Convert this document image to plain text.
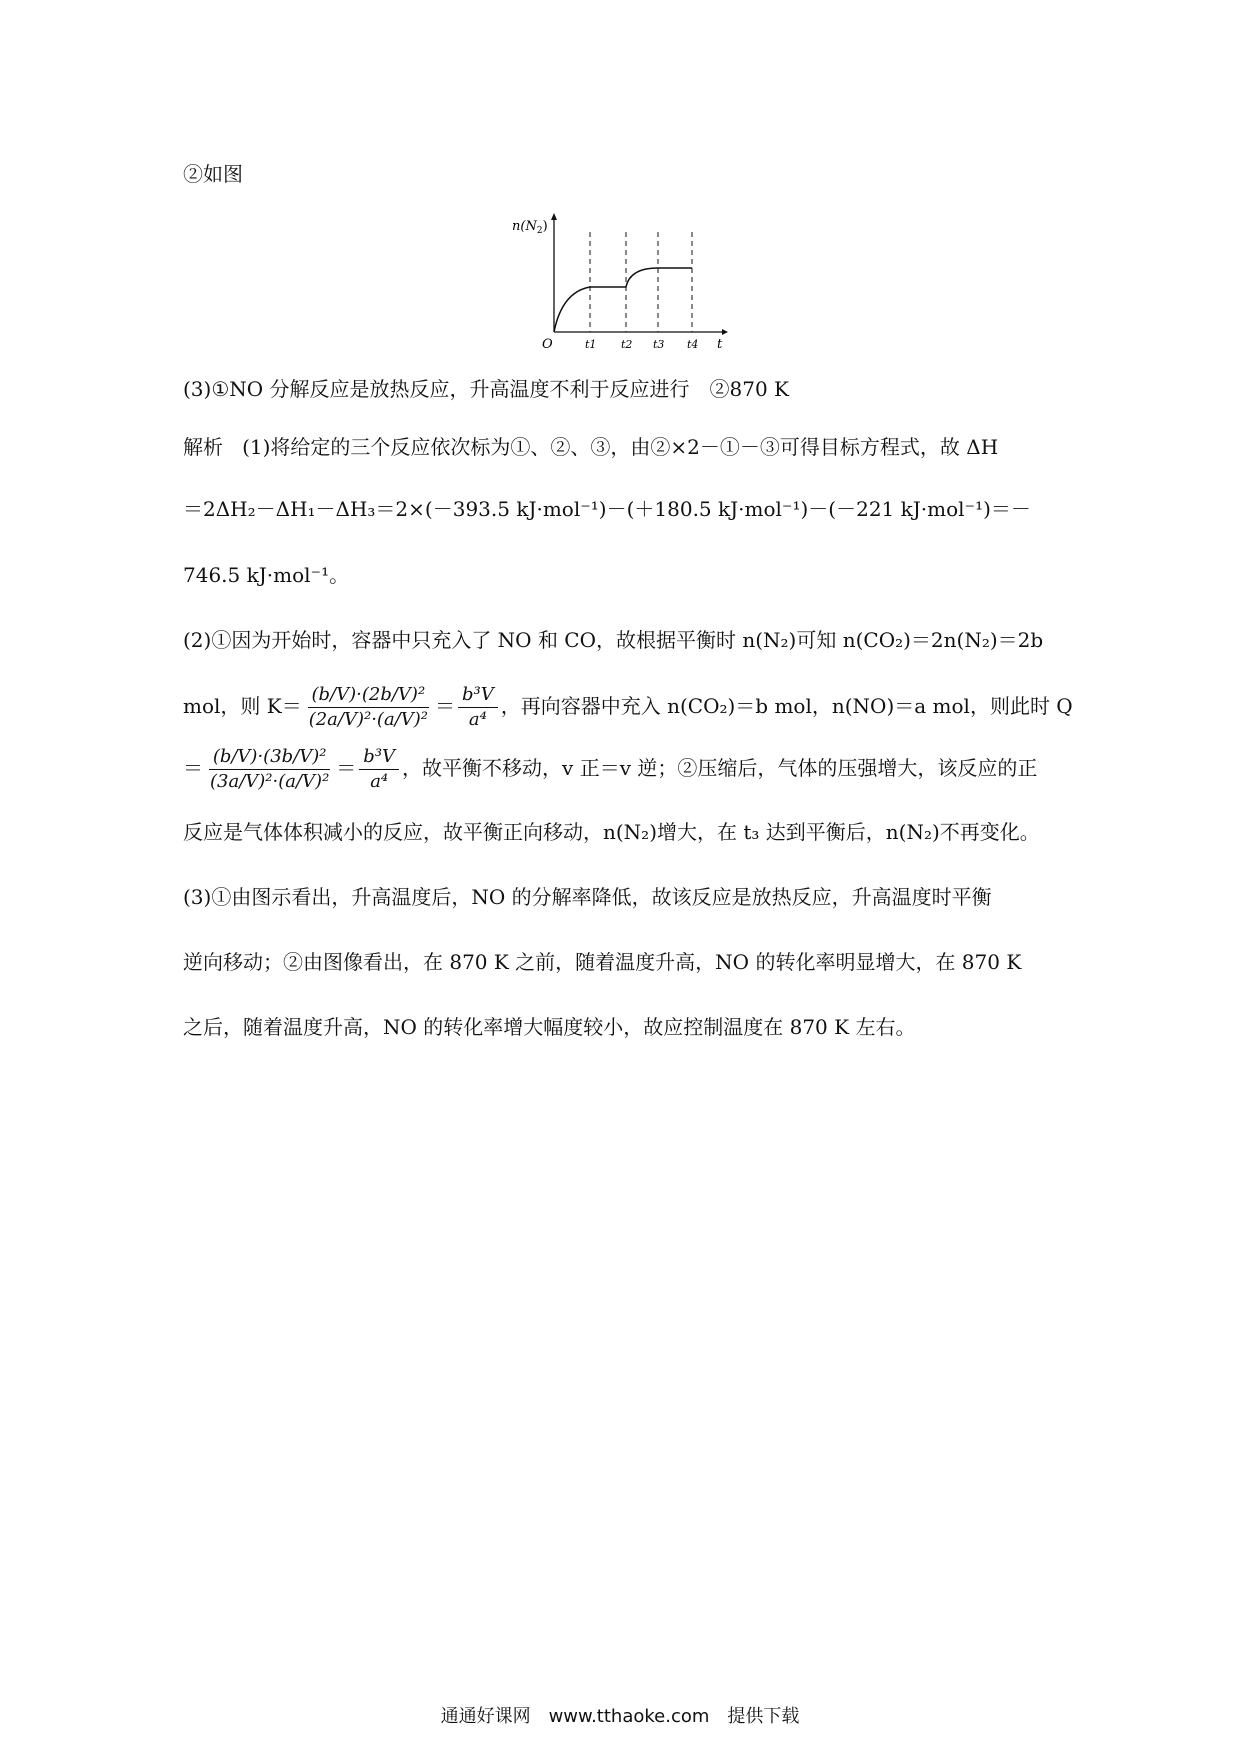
②如图
$n(N_2)$
O	t1 t2 t3 t4 t
(3)①NO 分解反应是放热反应，升高温度不利于反应进行　②870 K
解析 (1)将给定的三个反应依次标为①、②、③，由②×2－①－③可得目标方程式，故 ΔH
＝2ΔH₂－ΔH₁－ΔH₃＝2×(－393.5 kJ·mol⁻¹)－(＋180.5 kJ·mol⁻¹)－(－221 kJ·mol⁻¹)＝－
746.5 kJ·mol⁻¹。
(2)①因为开始时，容器中只充入了 NO 和 CO，故根据平衡时 n(N₂)可知 n(CO₂)＝2n(N₂)＝2b
mol，则 $K= \frac{\text{(b/V)·(2b/V)²}}{\text{(2a/V)²·(a/V)²}} = \frac{\text{b³V}}{\text{a⁴}}$ ，再向容器中充入 n(CO₂)＝b mol，n(NO)＝a mol，则此时 Q
＝ $\frac{\text{(b/V)·(3b/V)²}}{\text{(3a/V)²·(a/V)²}} = \frac{\text{b³V}}{\text{a⁴}}$ ，故平衡不移动，v 正＝v 逆；②压缩后，气体的压强增大，该反应的正
反应是气体体积减小的反应，故平衡正向移动，n(N₂)增大，在 t₃ 达到平衡后，n(N₂)不再变化。
(3)①由图示看出，升高温度后，NO 的分解率降低，故该反应是放热反应，升高温度时平衡
逆向移动；②由图像看出，在 870 K 之前，随着温度升高，NO 的转化率明显增大，在 870 K
之后，随着温度升高，NO 的转化率增大幅度较小，故应控制温度在 870 K 左右。
通通好课网　www.tthaoke.com　提供下载
